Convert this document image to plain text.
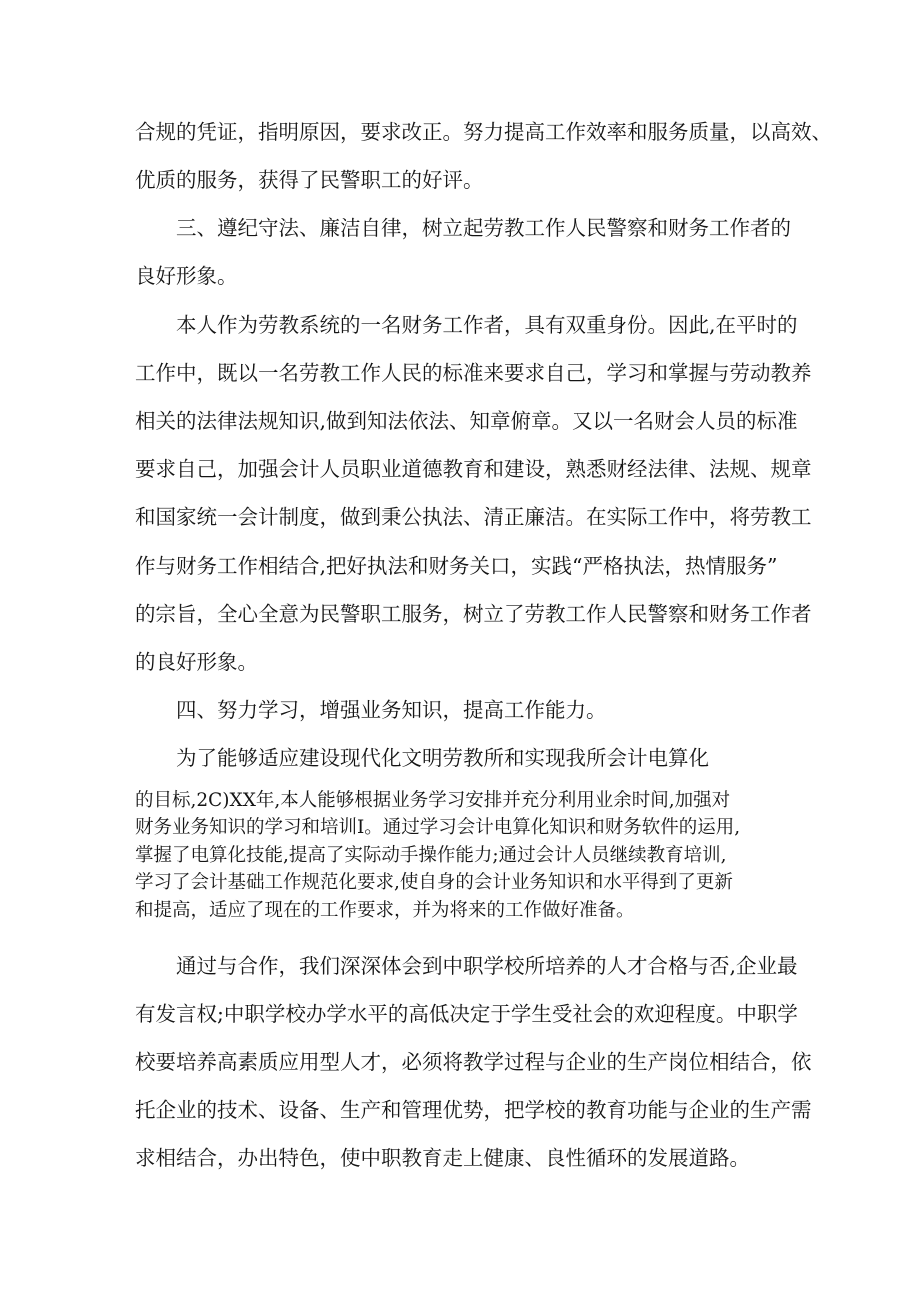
合规的凭证，指明原因，要求改正。努力提高工作效率和服务质量，以高效、
优质的服务，获得了民警职工的好评。
三、遵纪守法、廉洁自律，树立起劳教工作人民警察和财务工作者的
良好形象。
本人作为劳教系统的一名财务工作者，具有双重身份。因此,在平时的
工作中，既以一名劳教工作人民的标准来要求自己，学习和掌握与劳动教养
相关的法律法规知识,做到知法依法、知章俯章。又以一名财会人员的标准
要求自己，加强会计人员职业道德教育和建设，熟悉财经法律、法规、规章
和国家统一会计制度，做到秉公执法、清正廉洁。在实际工作中，将劳教工
作与财务工作相结合,把好执法和财务关口，实践“严格执法，热情服务”
的宗旨，全心全意为民警职工服务，树立了劳教工作人民警察和财务工作者
的良好形象。
四、努力学习，增强业务知识，提高工作能力。
为了能够适应建设现代化文明劳教所和实现我所会计电算化
的目标,2C)XX年,本人能够根据业务学习安排并充分利用业余时间,加强对
财务业务知识的学习和培训I。通过学习会计电算化知识和财务软件的运用,
掌握了电算化技能,提高了实际动手操作能力;通过会计人员继续教育培训,
学习了会计基础工作规范化要求,使自身的会计业务知识和水平得到了更新
和提高，适应了现在的工作要求，并为将来的工作做好准备。
通过与合作，我们深深体会到中职学校所培养的人才合格与否,企业最
有发言权;中职学校办学水平的高低决定于学生受社会的欢迎程度。中职学
校要培养高素质应用型人才，必须将教学过程与企业的生产岗位相结合，依
托企业的技术、设备、生产和管理优势，把学校的教育功能与企业的生产需
求相结合，办出特色，使中职教育走上健康、良性循环的发展道路。
